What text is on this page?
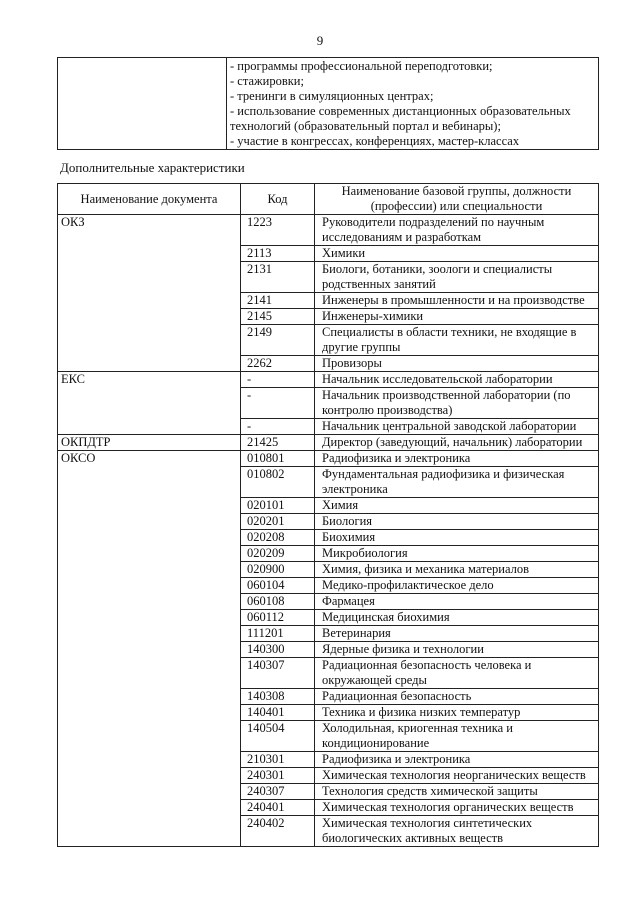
9

- программы профессиональной переподготовки;
- стажировки;
- тренинги в симуляционных центрах;
- использование современных дистанционных образовательных технологий (образовательный портал и вебинары);
- участие в конгрессах, конференциях, мастер-классах
Дополнительные характеристики
Наименование документа	Код	Наименование базовой группы, должности (профессии) или специальности
ОКЗ	1223	Руководители подразделений по научным исследованиям и разработкам
	2113	Химики
	2131	Биологи, ботаники, зоологи и специалисты родственных занятий
	2141	Инженеры в промышленности и на производстве
	2145	Инженеры-химики
	2149	Специалисты в области техники, не входящие в другие группы
	2262	Провизоры
ЕКС	-	Начальник исследовательской лаборатории
	-	Начальник производственной лаборатории (по контролю производства)
	-	Начальник центральной заводской лаборатории
ОКПДТР	21425	Директор (заведующий, начальник) лаборатории
ОКСО	010801	Радиофизика и электроника
	010802	Фундаментальная радиофизика и физическая электроника
	020101	Химия
	020201	Биология
	020208	Биохимия
	020209	Микробиология
	020900	Химия, физика и механика материалов
	060104	Медико-профилактическое дело
	060108	Фармацея
	060112	Медицинская биохимия
	111201	Ветеринария
	140300	Ядерные физика и технологии
	140307	Радиационная безопасность человека и окружающей среды
	140308	Радиационная безопасность
	140401	Техника и физика низких температур
	140504	Холодильная, криогенная техника и кондиционирование
	210301	Радиофизика и электроника
	240301	Химическая технология неорганических веществ
	240307	Технология средств химической защиты
	240401	Химическая технология органических веществ
	240402	Химическая технология синтетических биологических активных веществ
